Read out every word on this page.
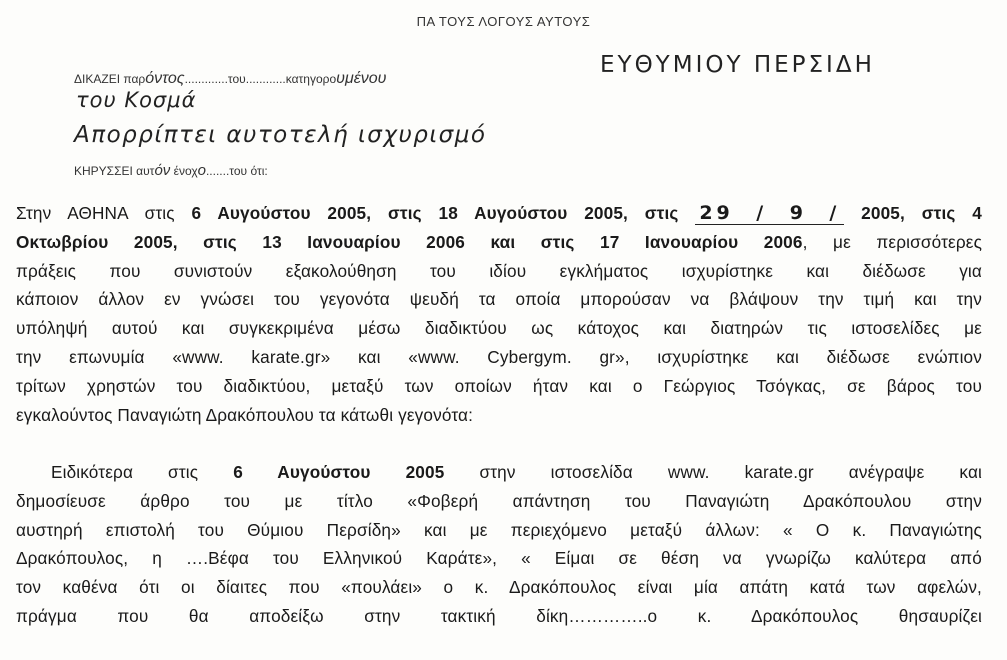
ΠΑ ΤΟΥΣ ΛΟΓΟΥΣ ΑΥΤΟΥΣ
ΔΙΚΑΖΕΙ παρόντος.............του............κατηγορουμένου
ΕΥΘΥΜΙΟΥ ΠΕΡΣΙΔΗ
του Κοσμά
Απορρίπτει αυτοτελή ισχυρισμό
ΚΗΡΥΣΣΕΙ αυτόν ένοχο.......του ότι:
Στην ΑΘΗΝΑ στις 6 Αυγούστου 2005, στις 18 Αυγούστου 2005, στις 29 / 9 / 2005, στις 4
Οκτωβρίου 2005, στις 13 Ιανουαρίου 2006 και στις 17 Ιανουαρίου 2006, με περισσότερες
πράξεις που συνιστούν εξακολούθηση του ιδίου εγκλήματος ισχυρίστηκε και διέδωσε για
κάποιον άλλον εν γνώσει του γεγονότα ψευδή τα οποία μπορούσαν να βλάψουν την τιμή και την
υπόληψή αυτού και συγκεκριμένα μέσω διαδικτύου ως κάτοχος και διατηρών τις ιστοσελίδες με
την επωνυμία «www. karate.gr» και «www. Cybergym. gr», ισχυρίστηκε και διέδωσε ενώπιον
τρίτων χρηστών του διαδικτύου, μεταξύ των οποίων ήταν και ο Γεώργιος Τσόγκας, σε βάρος του
εγκαλούντος Παναγιώτη Δρακόπουλου τα κάτωθι γεγονότα:
Ειδικότερα στις 6 Αυγούστου 2005 στην ιστοσελίδα www. karate.gr ανέγραψε και
δημοσίευσε άρθρο του με τίτλο «Φοβερή απάντηση του Παναγιώτη Δρακόπουλου στην
αυστηρή επιστολή του Θύμιου Περσίδη» και με περιεχόμενο μεταξύ άλλων: « Ο κ. Παναγιώτης
Δρακόπουλος, η ….Βέφα του Ελληνικού Καράτε», « Είμαι σε θέση να γνωρίζω καλύτερα από
τον καθένα ότι οι δίαιτες που «πουλάει» ο κ. Δρακόπουλος είναι μία απάτη κατά των αφελών,
πράγμα που θα αποδείξω στην τακτική δίκη…………..ο κ. Δρακόπουλος θησαυρίζει
